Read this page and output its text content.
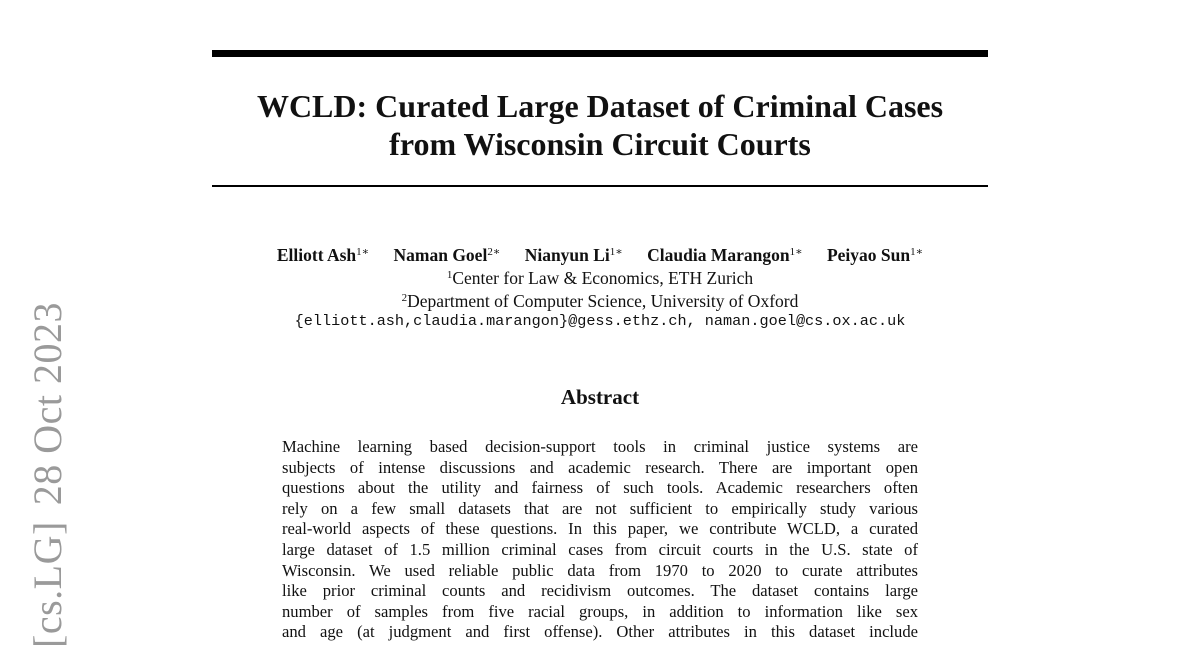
[cs.LG]28 Oct 2023
WCLD: Curated Large Dataset of Criminal Cases
from Wisconsin Circuit Courts
Elliott Ash$^{1∗}$ Naman Goel$^{2∗}$ Nianyun $Li^{1∗}$ Claudia Marangon$^{1∗}$ Peiyao Sun$^{1∗}$
$^1$Center for Law & Economics, ETH Zurich
$^2$Department of Computer Science, University of Oxford
{elliott.ash,claudia.marangon}@gess.ethz.ch, naman.goel@cs.ox.ac.uk
Abstract
Machine learning based decision-support tools in criminal justice systems are
subjects of intense discussions and academic research. There are important open
questions about the utility and fairness of such tools. Academic researchers often
rely on a few small datasets that are not sufficient to empirically study various
real-world aspects of these questions. In this paper, we contribute WCLD, a curated
large dataset of 1.5 million criminal cases from circuit courts in the U.S. state of
Wisconsin. We used reliable public data from 1970 to 2020 to curate attributes
like prior criminal counts and recidivism outcomes. The dataset contains large
number of samples from five racial groups, in addition to information like sex
and age (at judgment and first offense). Other attributes in this dataset include
